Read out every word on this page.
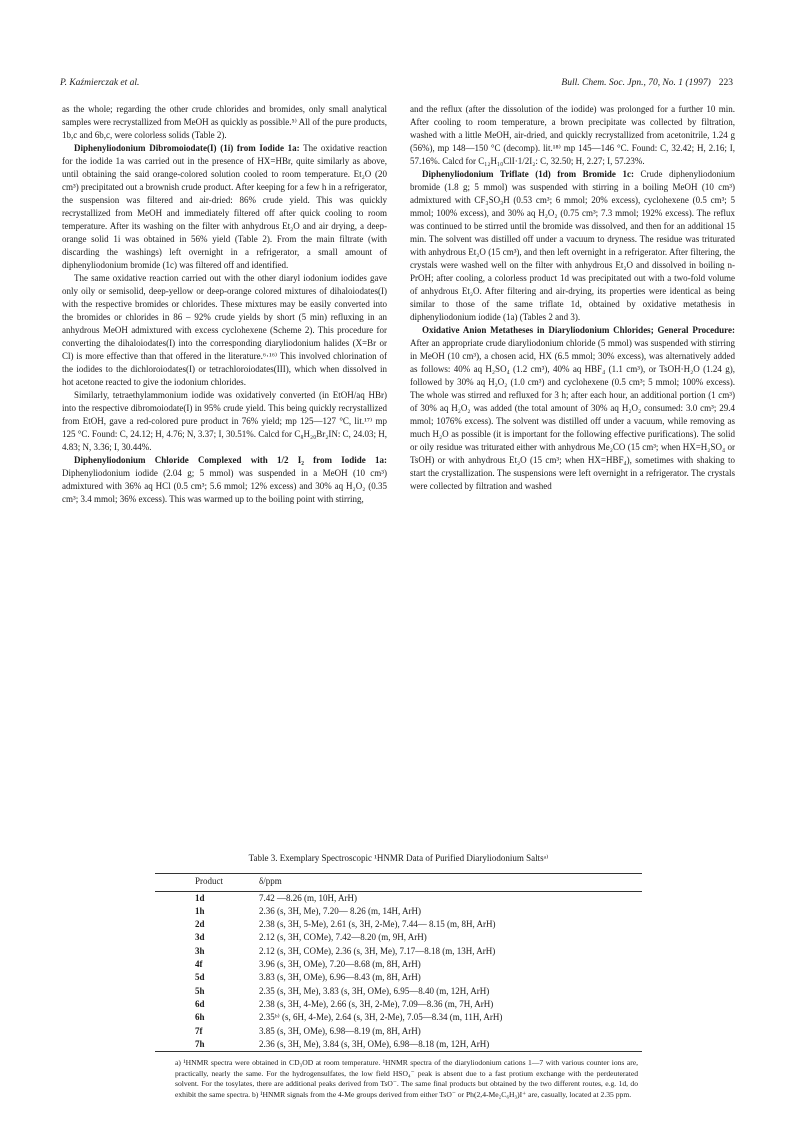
P. Kaźmierczak et al.	Bull. Chem. Soc. Jpn., 70, No. 1 (1997) 223

as the whole; regarding the other crude chlorides and bromides, only small analytical samples were recrystallized from MeOH as quickly as possible.⁵⁾ All of the pure products, 1b,c and 6b,c, were colorless solids (Table 2).

Diphenyliodonium Dibromoiodate(I) (1i) from Iodide 1a: The oxidative reaction for the iodide 1a was carried out in the presence of HX=HBr, quite similarly as above, until obtaining the said orange-colored solution cooled to room temperature. Et₂O (20 cm³) precipitated out a brownish crude product. After keeping for a few h in a refrigerator, the suspension was filtered and air-dried: 86% crude yield. This was quickly recrystallized from MeOH and immediately filtered off after quick cooling to room temperature. After its washing on the filter with anhydrous Et₂O and air drying, a deep-orange solid 1i was obtained in 56% yield (Table 2). From the main filtrate (with discarding the washings) left overnight in a refrigerator, a small amount of diphenyliodonium bromide (1c) was filtered off and identified.

The same oxidative reaction carried out with the other diaryl iodonium iodides gave only oily or semisolid, deep-yellow or deep-orange colored mixtures of dihaloiodates(I) with the respective bromides or chlorides. These mixtures may be easily converted into the bromides or chlorides in 86 – 92% crude yields by short (5 min) refluxing in an anhydrous MeOH admixtured with excess cyclohexene (Scheme 2). This procedure for converting the dihaloiodates(I) into the corresponding diaryliodonium halides (X=Br or Cl) is more effective than that offered in the literature.⁶·¹⁶⁾ This involved chlorination of the iodides to the dichloroiodates(I) or tetrachloroiodates(III), which when dissolved in hot acetone reacted to give the iodonium chlorides.

Similarly, tetraethylammonium iodide was oxidatively converted (in EtOH/aq HBr) into the respective dibromoiodate(I) in 95% crude yield. This being quickly recrystallized from EtOH, gave a red-colored pure product in 76% yield; mp 125—127 °C, lit.¹⁷⁾ mp 125 °C. Found: C, 24.12; H, 4.76; N, 3.37; I, 30.51%. Calcd for C₈H₂₀Br₂IN: C, 24.03; H, 4.83; N, 3.36; I, 30.44%.

Diphenyliodonium Chloride Complexed with 1/2 I₂ from Iodide 1a: Diphenyliodonium iodide (2.04 g; 5 mmol) was suspended in a MeOH (10 cm³) admixtured with 36% aq HCl (0.5 cm³; 5.6 mmol; 12% excess) and 30% aq H₂O₂ (0.35 cm³; 3.4 mmol; 36% excess). This was warmed up to the boiling point with stirring,

and the reflux (after the dissolution of the iodide) was prolonged for a further 10 min. After cooling to room temperature, a brown precipitate was collected by filtration, washed with a little MeOH, air-dried, and quickly recrystallized from acetonitrile, 1.24 g (56%), mp 148—150 °C (decomp). lit.¹⁸⁾ mp 145—146 °C. Found: C, 32.42; H, 2.16; I, 57.16%. Calcd for C₁₂H₁₀ClI·1/2I₂: C, 32.50; H, 2.27; I, 57.23%.

Diphenyliodonium Triflate (1d) from Bromide 1c: Crude diphenyliodonium bromide (1.8 g; 5 mmol) was suspended with stirring in a boiling MeOH (10 cm³) admixtured with CF₃SO₃H (0.53 cm³; 6 mmol; 20% excess), cyclohexene (0.5 cm³; 5 mmol; 100% excess), and 30% aq H₂O₂ (0.75 cm³; 7.3 mmol; 192% excess). The reflux was continued to be stirred until the bromide was dissolved, and then for an additional 15 min. The solvent was distilled off under a vacuum to dryness. The residue was triturated with anhydrous Et₂O (15 cm³), and then left overnight in a refrigerator. After filtering, the crystals were washed well on the filter with anhydrous Et₂O and dissolved in boiling n-PrOH; after cooling, a colorless product 1d was precipitated out with a two-fold volume of anhydrous Et₂O. After filtering and air-drying, its properties were identical as being similar to those of the same triflate 1d, obtained by oxidative metathesis in diphenyliodonium iodide (1a) (Tables 2 and 3).

Oxidative Anion Metatheses in Diaryliodonium Chlorides; General Procedure: After an appropriate crude diaryliodonium chloride (5 mmol) was suspended with stirring in MeOH (10 cm³), a chosen acid, HX (6.5 mmol; 30% excess), was alternatively added as follows: 40% aq H₂SO₄ (1.2 cm³), 40% aq HBF₄ (1.1 cm³), or TsOH·H₂O (1.24 g), followed by 30% aq H₂O₂ (1.0 cm³) and cyclohexene (0.5 cm³; 5 mmol; 100% excess). The whole was stirred and refluxed for 3 h; after each hour, an additional portion (1 cm³) of 30% aq H₂O₂ was added (the total amount of 30% aq H₂O₂ consumed: 3.0 cm³; 29.4 mmol; 1076% excess). The solvent was distilled off under a vacuum, while removing as much H₂O as possible (it is important for the following effective purifications). The solid or oily residue was triturated either with anhydrous Me₂CO (15 cm³; when HX=H₂SO₄ or TsOH) or with anhydrous Et₂O (15 cm³; when HX=HBF₄), sometimes with shaking to start the crystallization. The suspensions were left overnight in a refrigerator. The crystals were collected by filtration and washed

Table 3. Exemplary Spectroscopic ¹HNMR Data of Purified Diaryliodonium Saltsᵃ⁾
Product	δ/ppm

1d	7.42 —8.26 (m, 10H, ArH)
1h	2.36 (s, 3H, Me), 7.20— 8.26 (m, 14H, ArH)
2d	2.38 (s, 3H, 5-Me), 2.61 (s, 3H, 2-Me), 7.44— 8.15 (m, 8H, ArH)
3d	2.12 (s, 3H, COMe), 7.42—8.20 (m, 9H, ArH)
3h	2.12 (s, 3H, COMe), 2.36 (s, 3H, Me), 7.17—8.18 (m, 13H, ArH)
4f	3.96 (s, 3H, OMe), 7.20—8.68 (m, 8H, ArH)
5d	3.83 (s, 3H, OMe), 6.96—8.43 (m, 8H, ArH)
5h	2.35 (s, 3H, Me), 3.83 (s, 3H, OMe), 6.95—8.40 (m, 12H, ArH)
6d	2.38 (s, 3H, 4-Me), 2.66 (s, 3H, 2-Me), 7.09—8.36 (m, 7H, ArH)
6h	2.35ᵇ⁾ (s, 6H, 4-Me), 2.64 (s, 3H, 2-Me), 7.05—8.34 (m, 11H, ArH)
7f	3.85 (s, 3H, OMe), 6.98—8.19 (m, 8H, ArH)
7h	2.36 (s, 3H, Me), 3.84 (s, 3H, OMe), 6.98—8.18 (m, 12H, ArH)
a) ¹HNMR spectra were obtained in CD₃OD at room temperature. ¹HNMR spectra of the diaryliodonium cations 1—7 with various counter ions are, practically, nearly the same. For the hydrogensulfates, the low field HSO₄⁻ peak is absent due to a fast protium exchange with the perdeuterated solvent. For the tosylates, there are additional peaks derived from TsO⁻. The same final products but obtained by the two different routes, e.g. 1d, do exhibit the same spectra. b) ¹HNMR signals from the 4-Me groups derived from either TsO⁻ or Ph(2,4-Me₂C₆H₃)I⁺ are, casually, located at 2.35 ppm.
